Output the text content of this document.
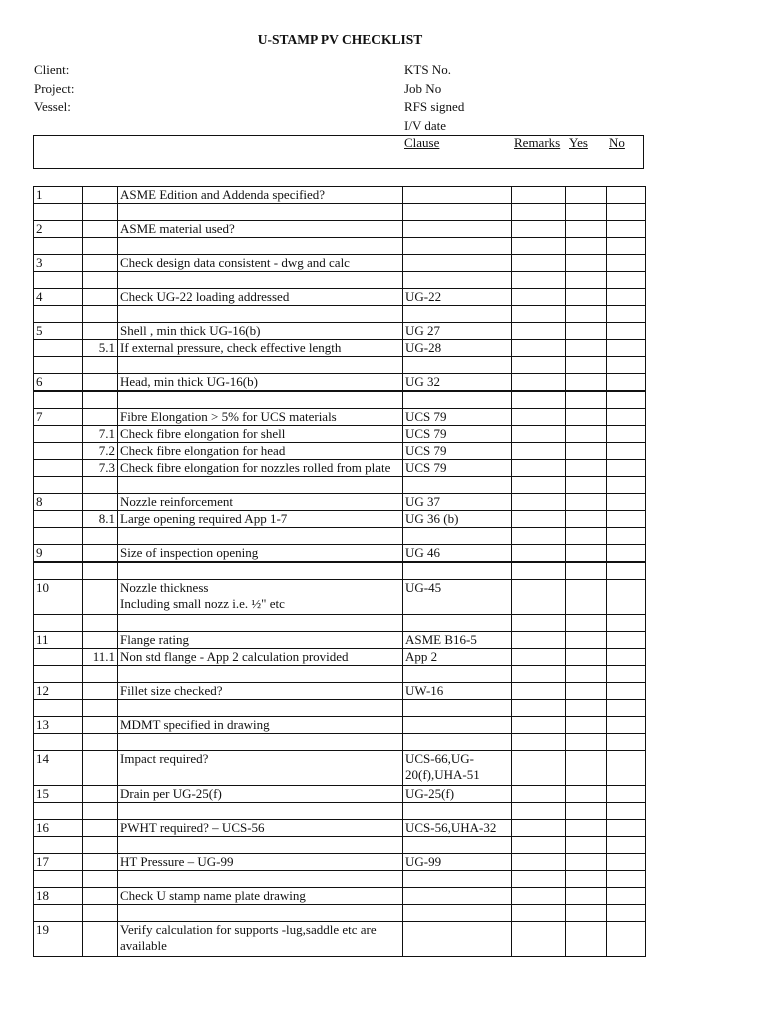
U-STAMP PV CHECKLIST
Client:
Project:
Vessel:
KTS No.
Job No
RFS signed
I/V date
Clause	Remarks Yes No
1		ASME Edition and Addenda specified?				

2		ASME material used?				

3		Check design data consistent - dwg and calc				

4		Check UG-22 loading addressed	UG-22			

5		Shell , min thick UG-16(b)	UG 27			
	5.1	If external pressure, check effective length	UG-28			

6		Head, min thick UG-16(b)	UG 32			

7		Fibre Elongation > 5% for UCS materials	UCS 79			
	7.1	Check fibre elongation for shell	UCS 79			
	7.2	Check fibre elongation for head	UCS 79			
	7.3	Check fibre elongation for nozzles rolled from plate	UCS 79			

8		Nozzle reinforcement	UG 37			
	8.1	Large opening required App 1-7	UG 36 (b)			

9		Size of inspection opening	UG 46			

10		Nozzle thickness
Including small nozz i.e. ½" etc	UG-45			

11		Flange rating	ASME B16-5			
	11.1	Non std flange - App 2 calculation provided	App 2			

12		Fillet size checked?	UW-16			

13		MDMT specified in drawing				

14		Impact required?	UCS-66,UG-20(f),UHA-51			
15		Drain per UG-25(f)	UG-25(f)			

16		PWHT required? – UCS-56	UCS-56,UHA-32			

17		HT Pressure – UG-99	UG-99			

18		Check U stamp name plate drawing				

19		Verify calculation for supports -lug,saddle etc are available				
